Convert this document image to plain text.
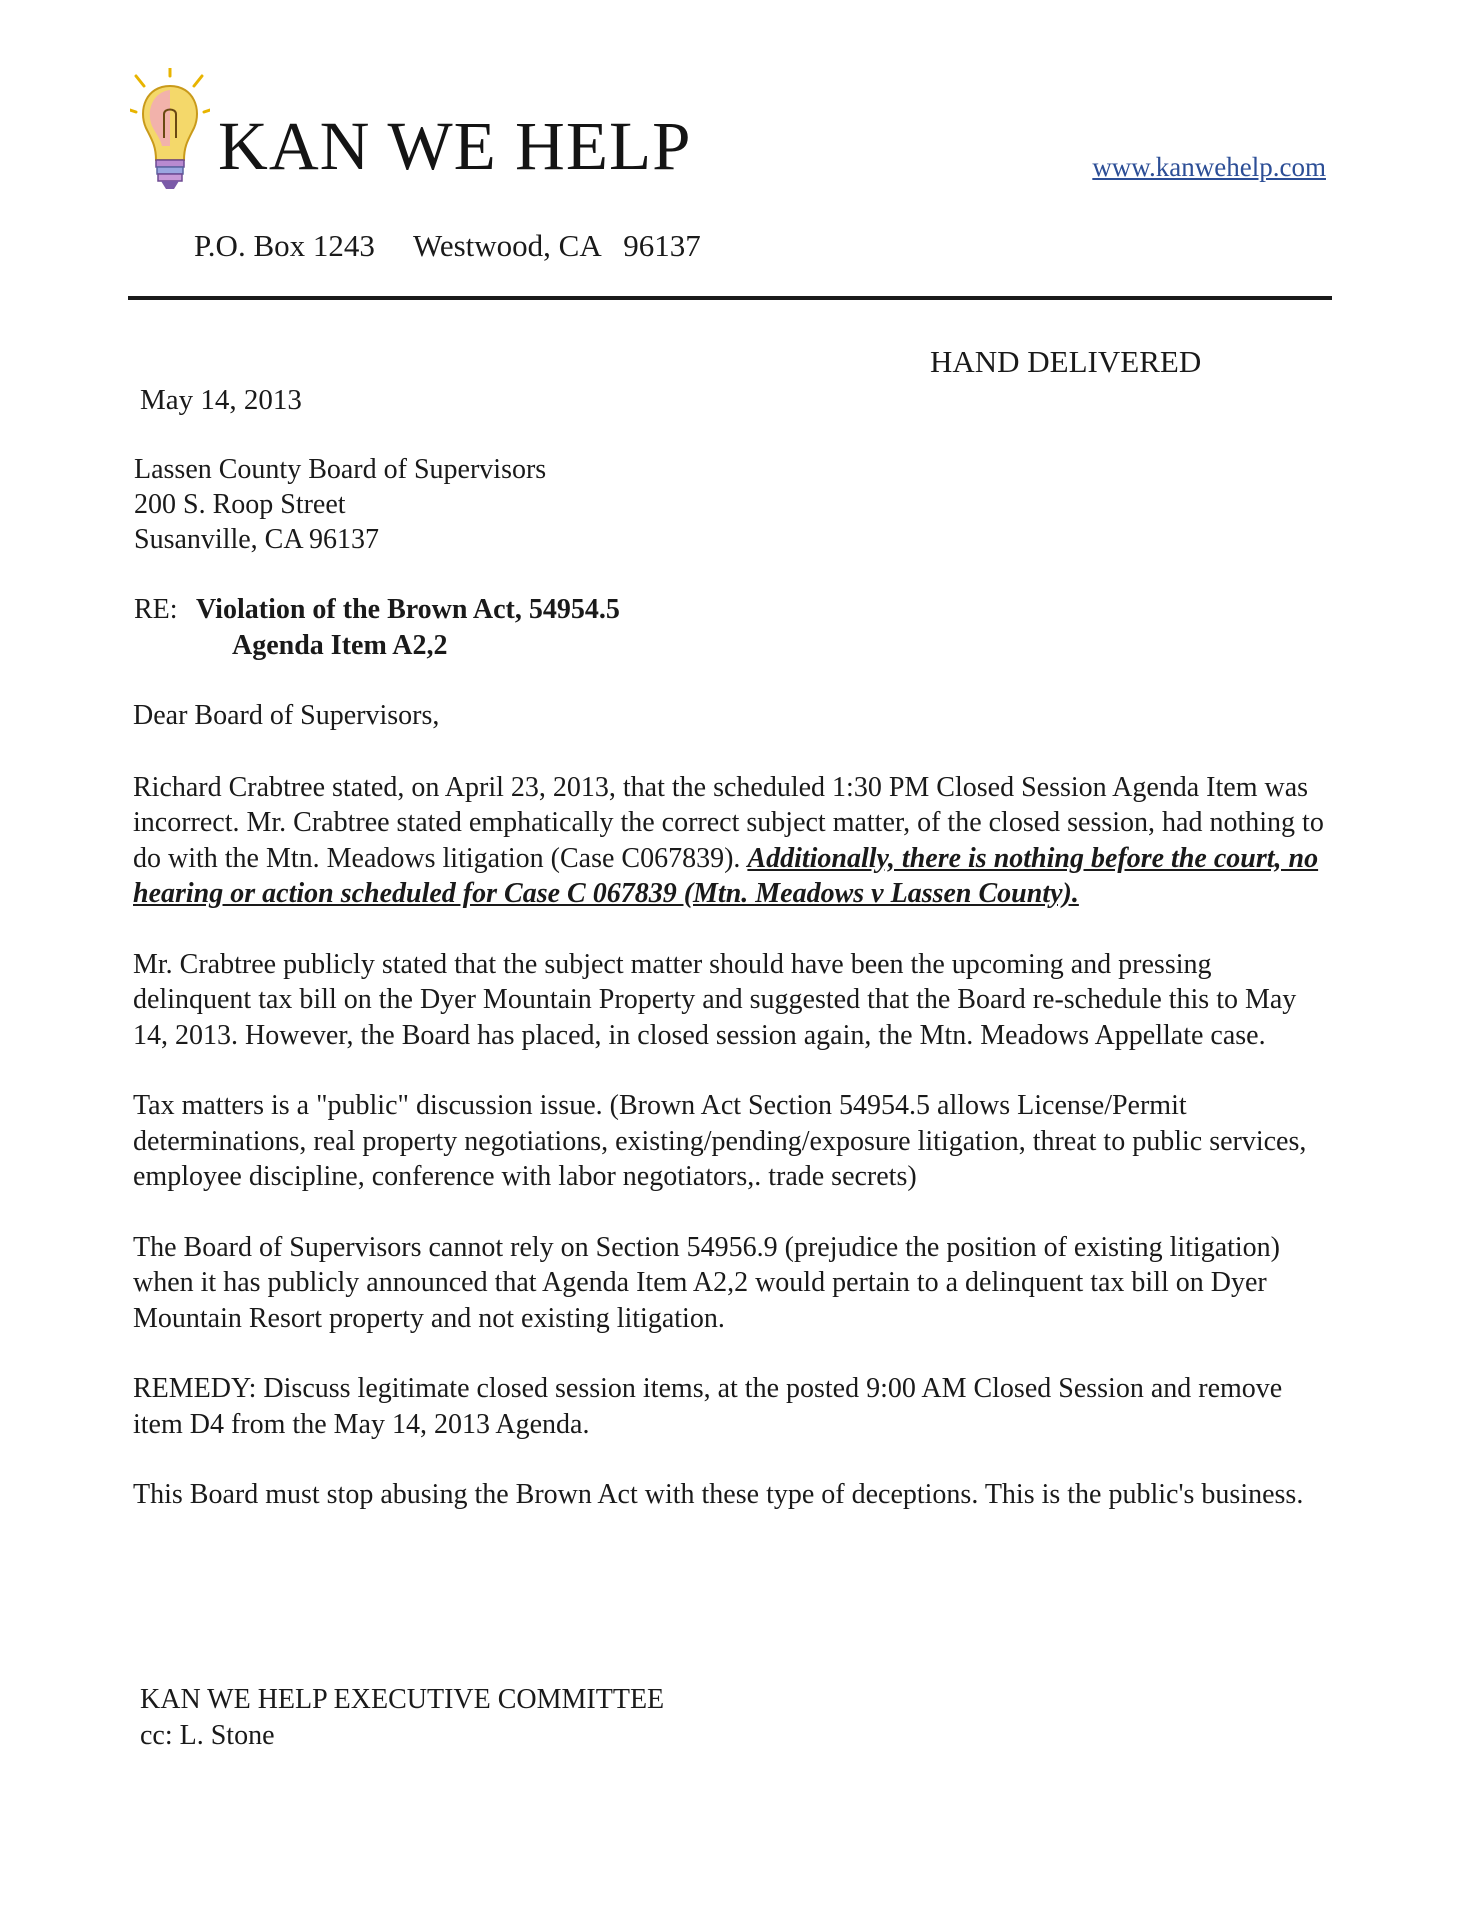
KAN WE HELP	www.kanwehelp.com
P.O. Box 1243     Westwood, CA   96137
HAND DELIVERED
May 14, 2013
Lassen County Board of Supervisors
200 S. Roop Street
Susanville, CA 96137
RE: Violation of the Brown Act, 54954.5
Agenda Item A2,2

Dear Board of Supervisors,

Richard Crabtree stated, on April 23, 2013, that the scheduled 1:30 PM Closed Session Agenda Item was incorrect. Mr. Crabtree stated emphatically the correct subject matter, of the closed session, had nothing to do with the Mtn. Meadows litigation (Case C067839). Additionally, there is nothing before the court, no hearing or action scheduled for Case C 067839 (Mtn. Meadows v Lassen County).

Mr. Crabtree publicly stated that the subject matter should have been the upcoming and pressing delinquent tax bill on the Dyer Mountain Property and suggested that the Board re-schedule this to May 14, 2013. However, the Board has placed, in closed session again, the Mtn. Meadows Appellate case.

Tax matters is a "public" discussion issue. (Brown Act Section 54954.5 allows License/Permit determinations, real property negotiations, existing/pending/exposure litigation, threat to public services, employee discipline, conference with labor negotiators,. trade secrets)

The Board of Supervisors cannot rely on Section 54956.9 (prejudice the position of existing litigation) when it has publicly announced that Agenda Item A2,2 would pertain to a delinquent tax bill on Dyer Mountain Resort property and not existing litigation.

REMEDY: Discuss legitimate closed session items, at the posted 9:00 AM Closed Session and remove item D4 from the May 14, 2013 Agenda.

This Board must stop abusing the Brown Act with these type of deceptions. This is the public's business.

KAN WE HELP EXECUTIVE COMMITTEE
cc: L. Stone
